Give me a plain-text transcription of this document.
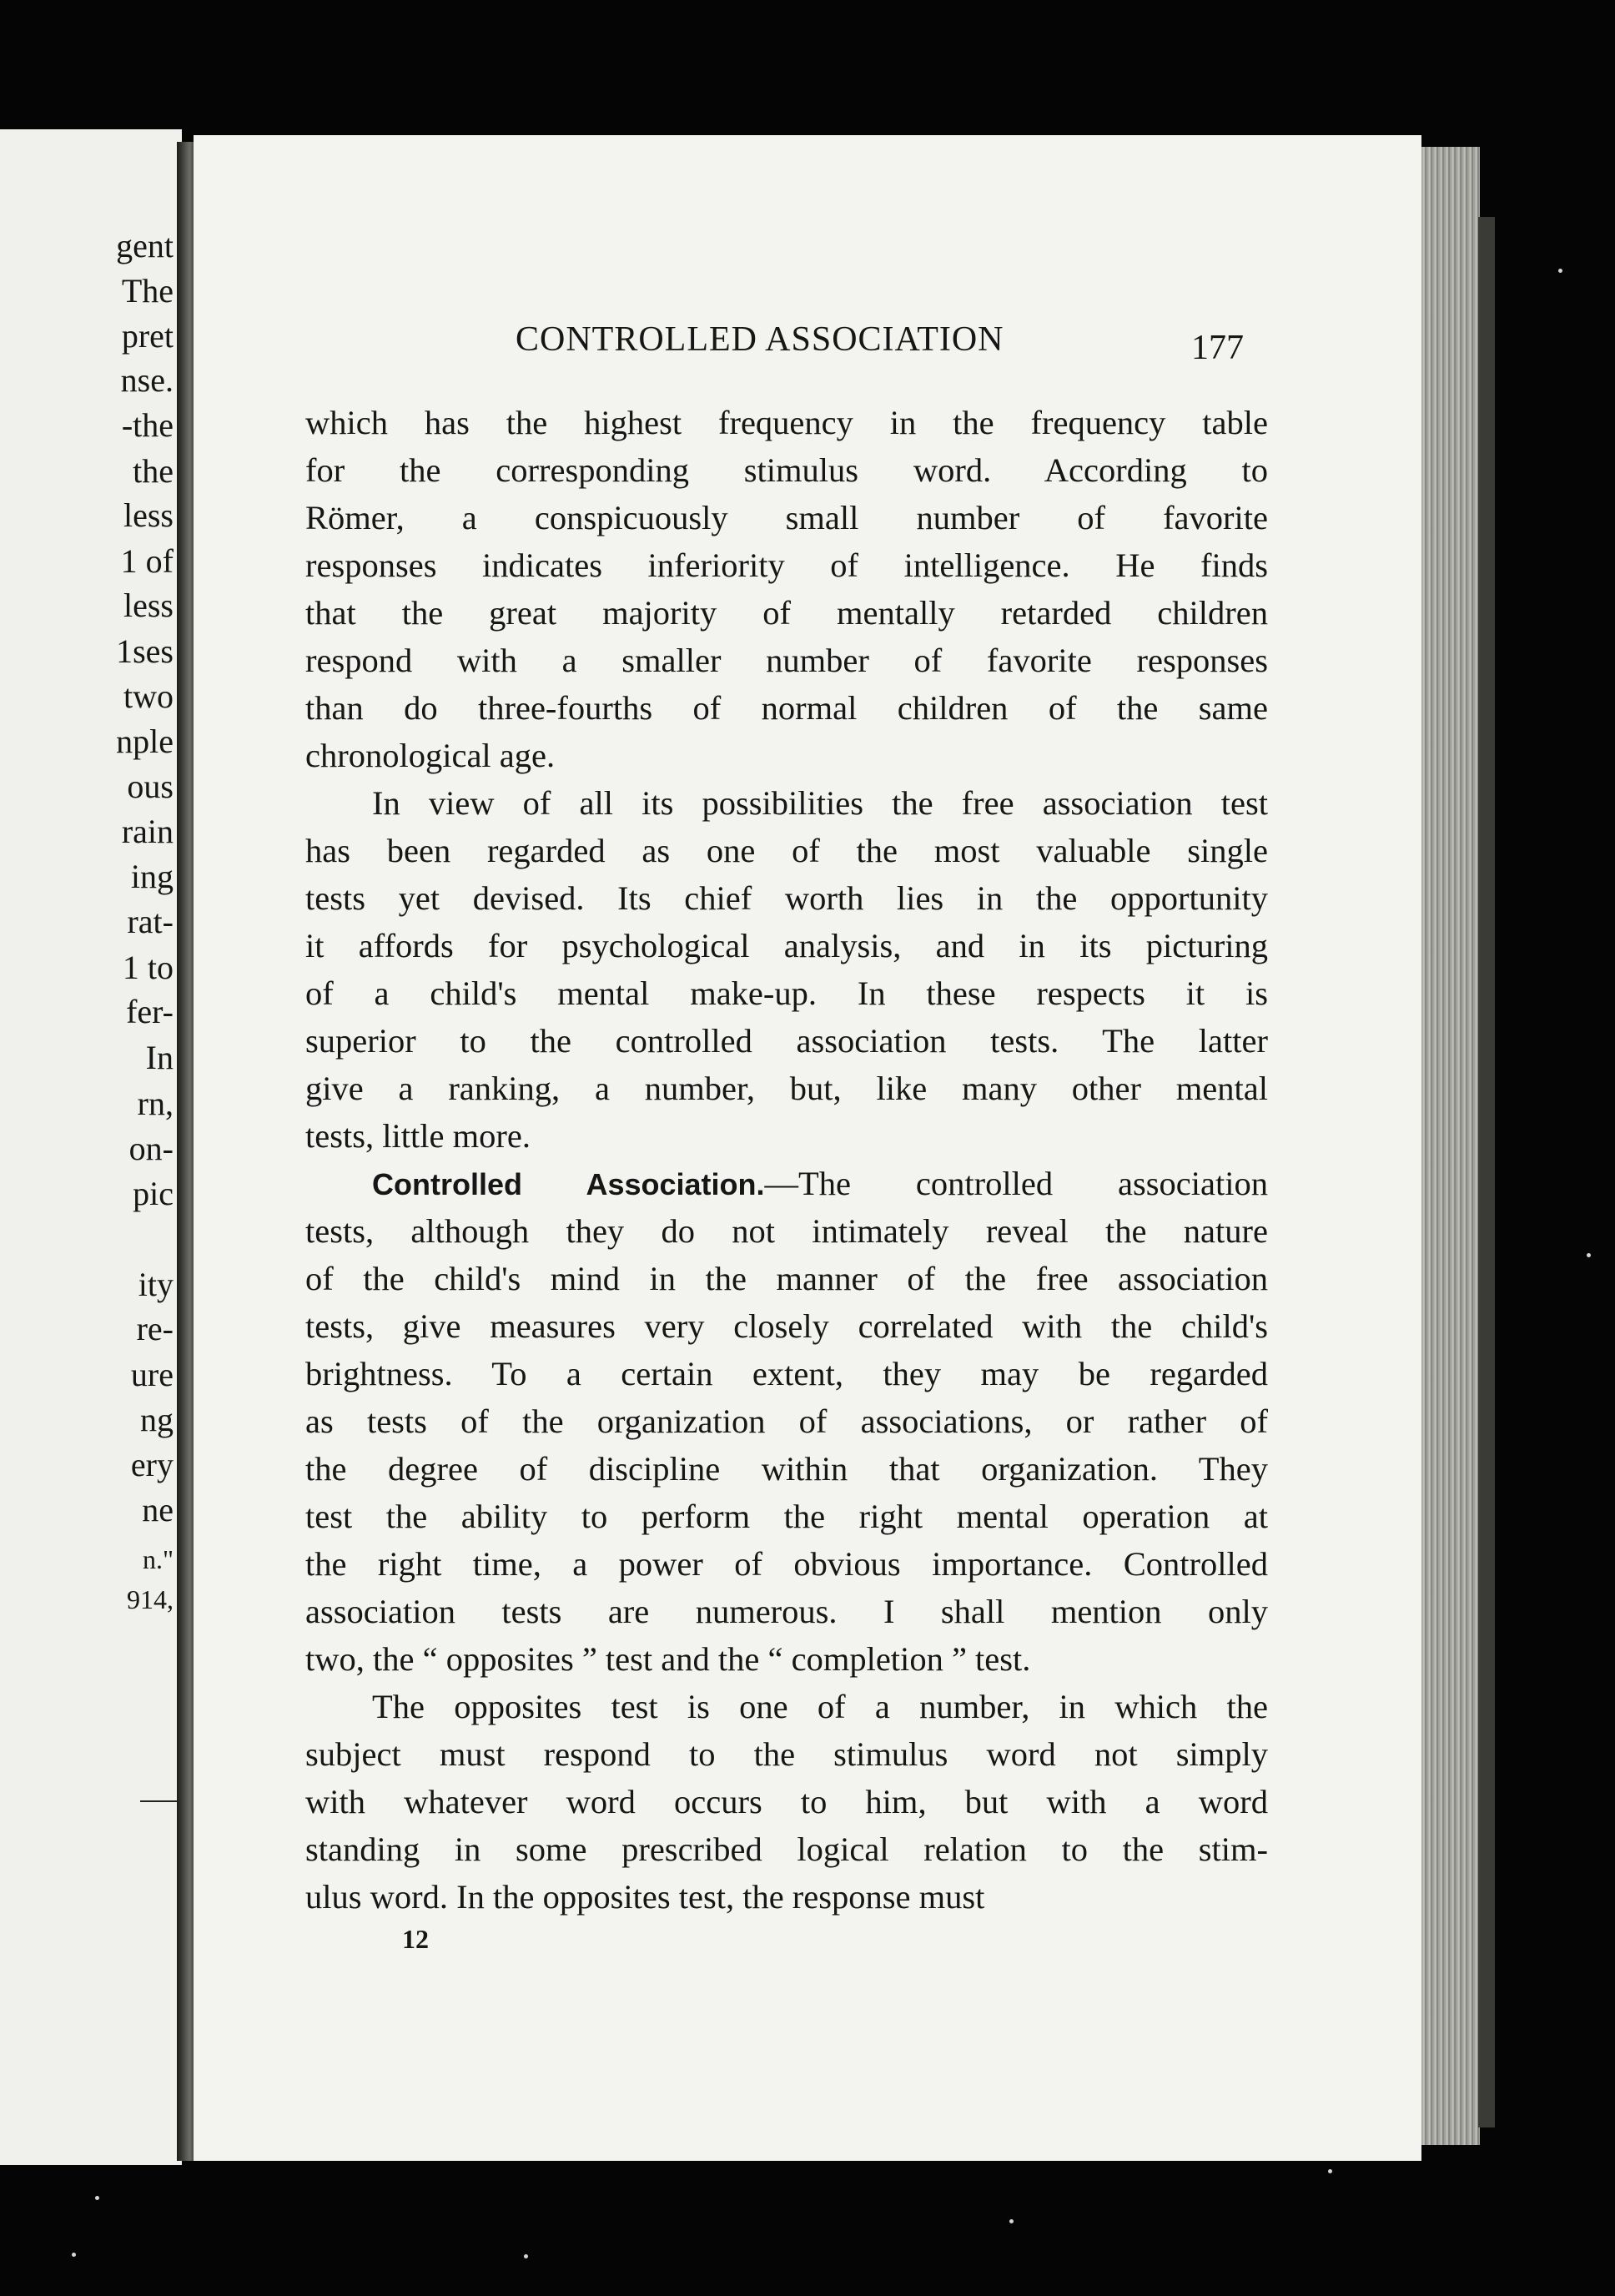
gent
The
pret
nse.
-the
the
less
1 of
less
1ses
two
nple
ous
rain
ing
rat-
1 to
fer-
In
rn,
on-
pic
ity
re-
ure
ng
ery
ne
n."
914,
CONTROLLED ASSOCIATION	177
which has the highest frequency in the frequency table
for the corresponding stimulus word. According to
Römer, a conspicuously small number of favorite
responses indicates inferiority of intelligence. He finds
that the great majority of mentally retarded children
respond with a smaller number of favorite responses
than do three-fourths of normal children of the same
chronological age.
In view of all its possibilities the free association test
has been regarded as one of the most valuable single
tests yet devised. Its chief worth lies in the opportunity
it affords for psychological analysis, and in its picturing
of a child's mental make-up. In these respects it is
superior to the controlled association tests. The latter
give a ranking, a number, but, like many other mental
tests, little more.
Controlled Association.—The controlled association
tests, although they do not intimately reveal the nature
of the child's mind in the manner of the free association
tests, give measures very closely correlated with the child's
brightness. To a certain extent, they may be regarded
as tests of the organization of associations, or rather of
the degree of discipline within that organization. They
test the ability to perform the right mental operation at
the right time, a power of obvious importance. Controlled
association tests are numerous. I shall mention only
two, the “ opposites ” test and the “ completion ” test.
The opposites test is one of a number, in which the
subject must respond to the stimulus word not simply
with whatever word occurs to him, but with a word
standing in some prescribed logical relation to the stim-
ulus word. In the opposites test, the response must
12
